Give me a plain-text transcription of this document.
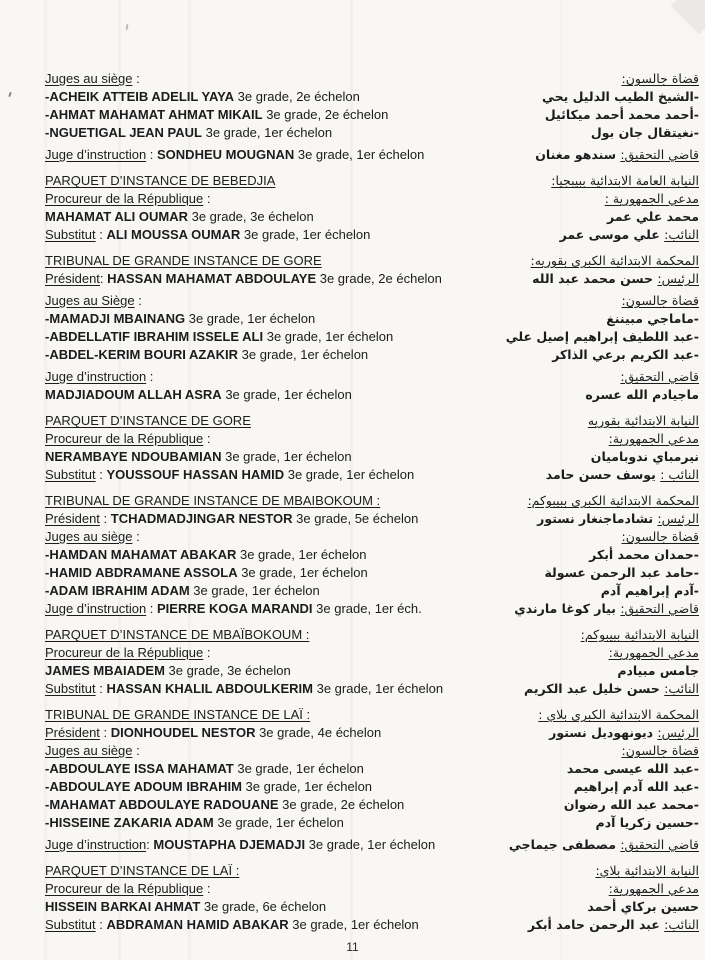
Juges au siège :
-ACHEIK ATTEIB ADELIL YAYA 3e grade, 2e échelon
-AHMAT MAHAMAT AHMAT MIKAIL 3e grade, 2e échelon
-NGUETIGAL JEAN PAUL 3e grade, 1er échelon
Juge d’instruction : SONDHEU MOUGNAN 3e grade, 1er échelon
قضاة جالسون:
-الشيخ الطيب الدليل يحي
-أحمد محمد أحمد ميكائيل
-نغيتقال جان بول
قاضي التحقيق: سندهو مغنان
PARQUET D’INSTANCE DE BEBEDJIA
Procureur de la République :
MAHAMAT ALI OUMAR 3e grade, 3e échelon
Substitut : ALI MOUSSA OUMAR 3e grade, 1er échelon
النيابة العامة الابتدائية ببيبجيا:
مدعي الجمهورية :
محمد علي عمر
النائب: علي موسى عمر
TRIBUNAL DE GRANDE INSTANCE DE GORE
Président: HASSAN MAHAMAT ABDOULAYE 3e grade, 2e échelon
Juges au Siège :
-MAMADJI MBAINANG 3e grade, 1er échelon
-ABDELLATIF IBRAHIM ISSELE ALI 3e grade, 1er échelon
-ABDEL-KERIM BOURI AZAKIR 3e grade, 1er échelon
Juge d’instruction :
MADJIADOUM ALLAH ASRA 3e grade, 1er échelon
المحكمة الابتدائية الكبرى بقوريه:
الرئيس: حسن محمد عبد الله
قضاة جالسون:
-ماماجي مبيننغ
-عبد اللطيف إبراهيم إصيل علي
-عبد الكريم برعي الذاكر
قاضي التحقيق:
ماجيادم الله عسره
PARQUET D’INSTANCE DE GORE
Procureur de la République :
NERAMBAYE NDOUBAMIAN 3e grade, 1er échelon
Substitut : YOUSSOUF HASSAN HAMID 3e grade, 1er échelon
النيابة الابتدائية بقوريه
مدعي الجمهورية:
نيرمباي ندوباميان
النائب : يوسف حسن حامد
TRIBUNAL DE GRANDE INSTANCE DE MBAIBOKOUM :
Président : TCHADMADJINGAR NESTOR 3e grade, 5e échelon
Juges au siège :
-HAMDAN MAHAMAT ABAKAR 3e grade, 1er échelon
-HAMID ABDRAMANE ASSOLA 3e grade, 1er échelon
-ADAM IBRAHIM ADAM 3e grade, 1er échelon
Juge d’instruction : PIERRE KOGA MARANDI 3e grade, 1er éch.
المحكمة الابتدائية الكبرى ببيبوكم:
الرئيس: تشادماجنغار نستور
قضاة جالسون:
-حمدان محمد أبكر
-حامد عبد الرحمن عسولة
-آدم إبراهيم آدم
قاضي التحقيق: بيار كوغا مارندي
PARQUET D’INSTANCE DE MBAÏBOKOUM :
Procureur de la République :
JAMES MBAIADEM 3e grade, 3e échelon
Substitut : HASSAN KHALIL ABDOULKERIM 3e grade, 1er échelon
النيابة الابتدائية ببيبوكم:
مدعي الجمهورية:
جامس مبيادم
النائب: حسن خليل عبد الكريم
TRIBUNAL DE GRANDE INSTANCE DE LAÏ :
Président : DIONHOUDEL NESTOR 3e grade, 4e échelon
Juges au siège :
-ABDOULAYE ISSA MAHAMAT 3e grade, 1er échelon
-ABDOULAYE ADOUM IBRAHIM 3e grade, 1er échelon
-MAHAMAT ABDOULAYE RADOUANE 3e grade, 2e échelon
-HISSEINE ZAKARIA ADAM 3e grade, 1er échelon
Juge d’instruction: MOUSTAPHA DJEMADJI 3e grade, 1er échelon
المحكمة الابتدائية الكبرى بلاي :
الرئيس: ديونهوديل نستور
قضاة جالسون:
-عبد الله عيسى محمد
-عبد الله آدم إبراهيم
-محمد عبد الله رضوان
-حسين زكريا آدم
قاضي التحقيق: مصطفى جيماجي
PARQUET D’INSTANCE DE LAÏ :
Procureur de la République :
HISSEIN BARKAI AHMAT 3e grade, 6e échelon
Substitut : ABDRAMAN HAMID ABAKAR 3e grade, 1er échelon
النيابة الابتدائية بلاي:
مدعي الجمهورية:
حسين بركاي أحمد
النائب: عبد الرحمن حامد أبكر
11
